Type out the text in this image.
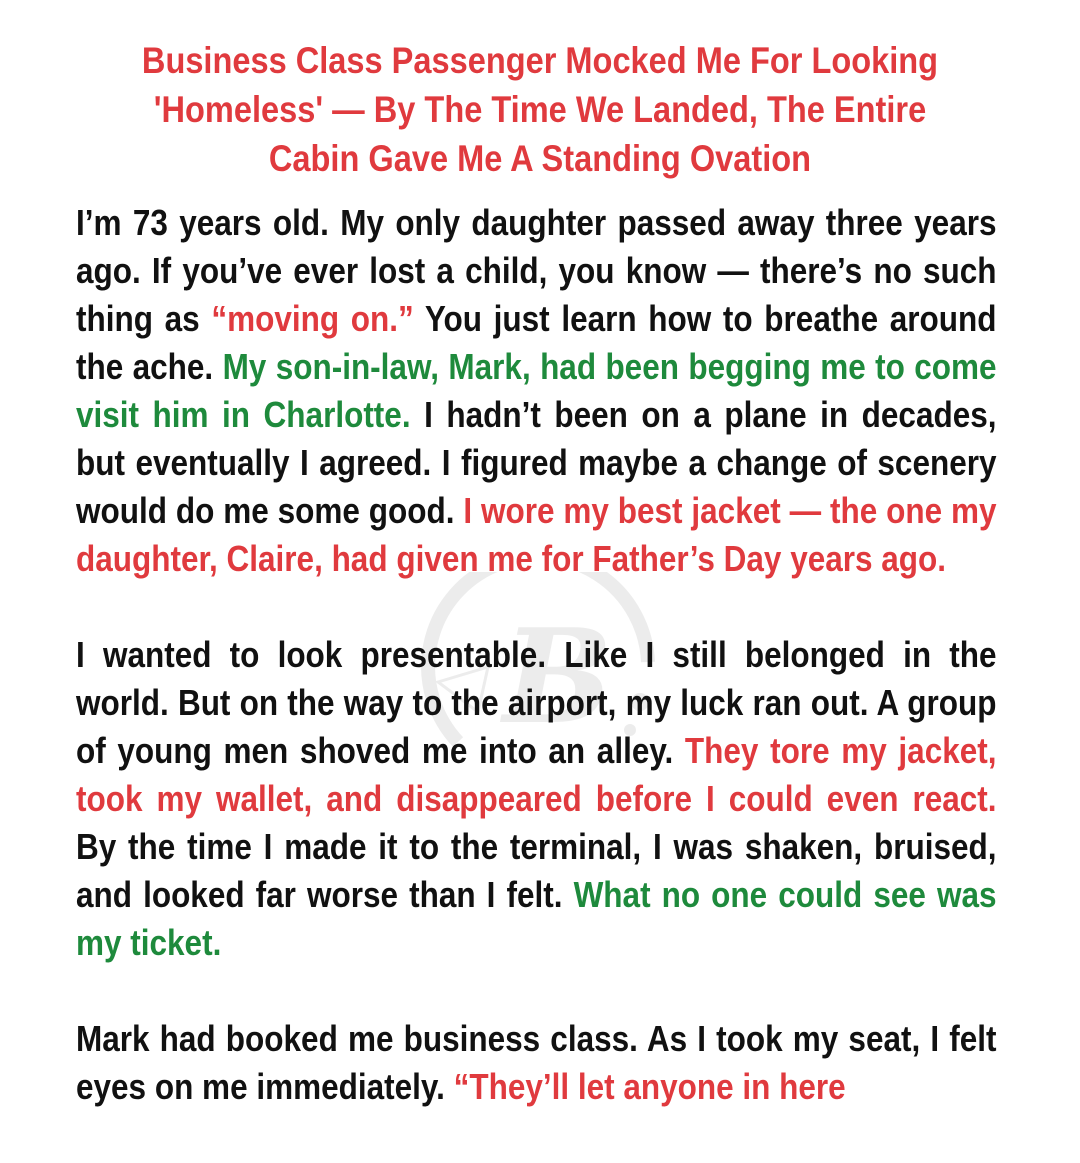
B
Business Class Passenger Mocked Me For Looking
'Homeless' — By The Time We Landed, The Entire
Cabin Gave Me A Standing Ovation

I’m 73 years old. My only daughter passed away three years ago. If you’ve ever lost a child, you know — there’s no such thing as “moving on.” You just learn how to breathe around the ache. My son-in-law, Mark, had been begging me to come visit him in Charlotte. I hadn’t been on a plane in decades, but eventually I agreed. I figured maybe a change of scenery would do me some good. I wore my best jacket — the one my daughter, Claire, had given me for Father’s Day years ago.

I wanted to look presentable. Like I still belonged in the world. But on the way to the airport, my luck ran out. A group of young men shoved me into an alley. They tore my jacket, took my wallet, and disappeared before I could even react. By the time I made it to the terminal, I was shaken, bruised, and looked far worse than I felt. What no one could see was my ticket.

Mark had booked me business class. As I took my seat, I felt eyes on me immediately. “They’ll let anyone in here
